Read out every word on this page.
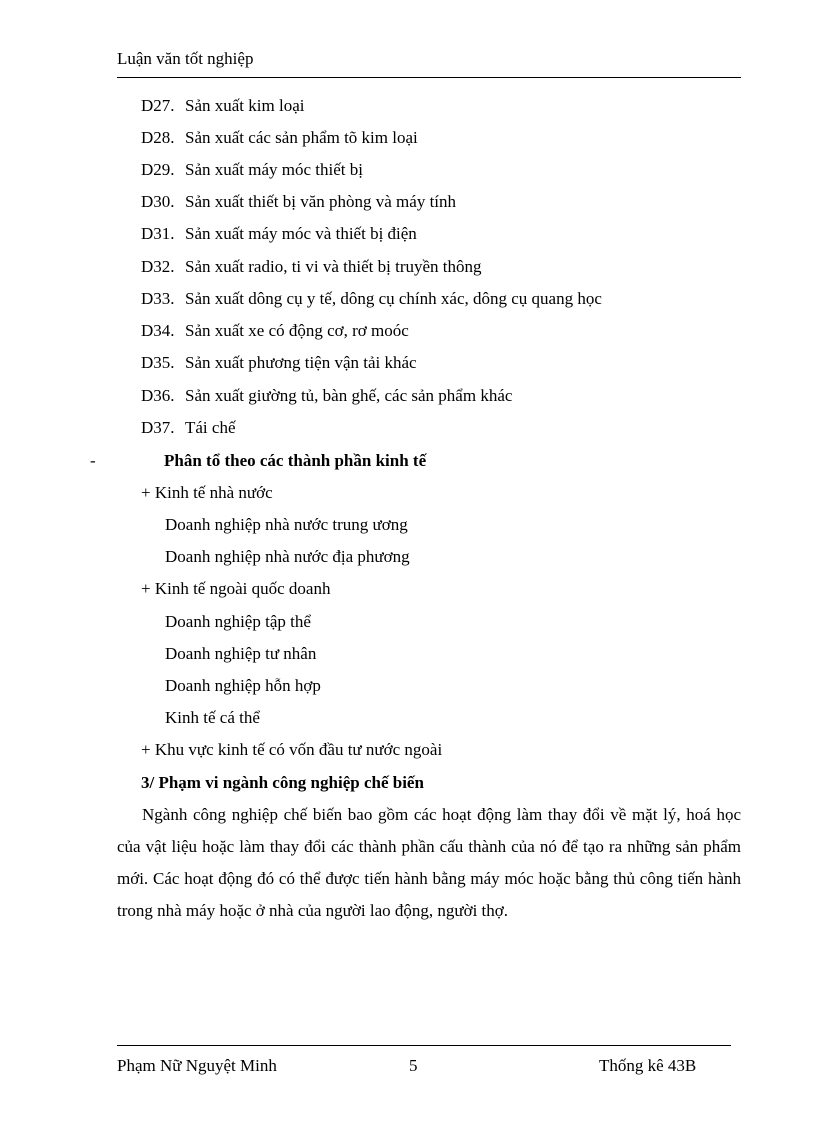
Luận văn tốt nghiệp
D27. Sản xuất kim loại
D28. Sản xuất các sản phẩm tõ kim loại
D29. Sản xuất máy móc thiết bị
D30. Sản xuất thiết bị văn phòng và máy tính
D31. Sản xuất máy móc và thiết bị điện
D32. Sản xuất radio, ti vi và thiết bị truyền thông
D33. Sản xuất dông cụ y tế, dông cụ chính xác, dông cụ quang học
D34. Sản xuất xe có động cơ, rơ moóc
D35. Sản xuất phương tiện vận tải khác
D36. Sản xuất giường tủ, bàn ghế, các sản phẩm khác
D37. Tái chế
-	Phân tổ theo các thành phần kinh tế
+ Kinh tế nhà nước
Doanh nghiệp nhà nước trung ương
Doanh nghiệp nhà nước địa phương
+ Kinh tế ngoài quốc doanh
Doanh nghiệp tập thể
Doanh nghiệp tư nhân
Doanh nghiệp hỗn hợp
Kinh tế cá thể
+ Khu vực kinh tế có vốn đầu tư nước ngoài
3/ Phạm vi ngành công nghiệp chế biến
Ngành công nghiệp chế biến bao gồm các hoạt động làm thay đổi về mặt lý, hoá học của vật liệu hoặc làm thay đổi các thành phần cấu thành của nó để tạo ra những sản phẩm mới. Các hoạt động đó có thể được tiến hành bằng máy móc hoặc bằng thủ công tiến hành trong nhà máy hoặc ở nhà của người lao động, người thợ.
Phạm Nữ Nguyệt Minh	5	Thống kê 43B
